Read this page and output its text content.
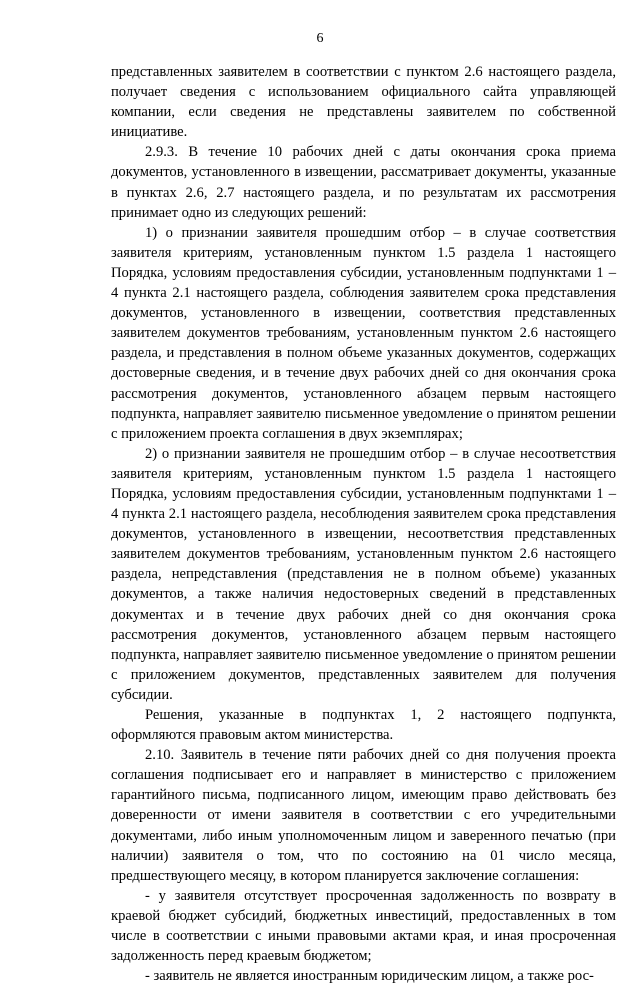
6

представленных заявителем в соответствии с пунктом 2.6 настоящего раздела, получает сведения с использованием официального сайта управляющей компании, если сведения не представлены заявителем по собственной инициативе.

2.9.3. В течение 10 рабочих дней с даты окончания срока приема документов, установленного в извещении, рассматривает документы, указанные в пунктах 2.6, 2.7 настоящего раздела, и по результатам их рассмотрения принимает одно из следующих решений:

1) о признании заявителя прошедшим отбор – в случае соответствия заявителя критериям, установленным пунктом 1.5 раздела 1 настоящего Порядка, условиям предоставления субсидии, установленным подпунктами 1 – 4 пункта 2.1 настоящего раздела, соблюдения заявителем срока представления документов, установленного в извещении, соответствия представленных заявителем документов требованиям, установленным пунктом 2.6 настоящего раздела, и представления в полном объеме указанных документов, содержащих достоверные сведения, и в течение двух рабочих дней со дня окончания срока рассмотрения документов, установленного абзацем первым настоящего подпункта, направляет заявителю письменное уведомление о принятом решении с приложением проекта соглашения в двух экземплярах;

2) о признании заявителя не прошедшим отбор – в случае несоответствия заявителя критериям, установленным пунктом 1.5 раздела 1 настоящего Порядка, условиям предоставления субсидии, установленным подпунктами 1 – 4 пункта 2.1 настоящего раздела, несоблюдения заявителем срока представления документов, установленного в извещении, несоответствия представленных заявителем документов требованиям, установленным пунктом 2.6 настоящего раздела, непредставления (представления не в полном объеме) указанных документов, а также наличия недостоверных сведений в представленных документах и в течение двух рабочих дней со дня окончания срока рассмотрения документов, установленного абзацем первым настоящего подпункта, направляет заявителю письменное уведомление о принятом решении с приложением документов, представленных заявителем для получения субсидии.

Решения, указанные в подпунктах 1, 2 настоящего подпункта, оформляются правовым актом министерства.

2.10. Заявитель в течение пяти рабочих дней со дня получения проекта соглашения подписывает его и направляет в министерство с приложением гарантийного письма, подписанного лицом, имеющим право действовать без доверенности от имени заявителя в соответствии с его учредительными документами, либо иным уполномоченным лицом и заверенного печатью (при наличии) заявителя о том, что по состоянию на 01 число месяца, предшествующего месяцу, в котором планируется заключение соглашения:

- у заявителя отсутствует просроченная задолженность по возврату в краевой бюджет субсидий, бюджетных инвестиций, предоставленных в том числе в соответствии с иными правовыми актами края, и иная просроченная задолженность перед краевым бюджетом;

- заявитель не является иностранным юридическим лицом, а также рос-
